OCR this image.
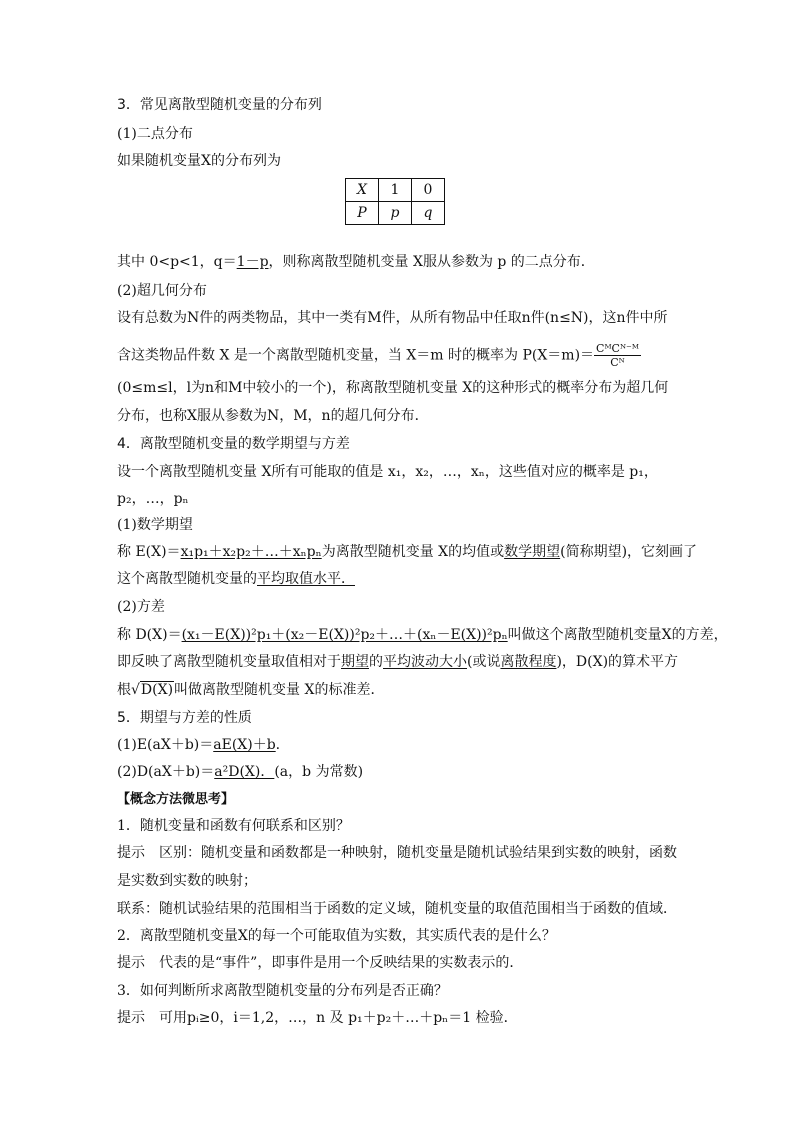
3．常见离散型随机变量的分布列
(1)二点分布
如果随机变量X的分布列为
X	1	0
P	p	q
其中 0<p<1，q＝1－p，则称离散型随机变量 X服从参数为 p 的二点分布．
(2)超几何分布
设有总数为N件的两类物品，其中一类有M件，从所有物品中任取n件(n≤N)，这n件中所
含这类物品件数 X 是一个离散型随机变量，当 X＝m 时的概率为 $P(X=m)= \frac{\text{CᴹCᴺ⁻ᴹ}}{\text{Cᴺ}}$
(0≤m≤l，l为n和M中较小的一个)，称离散型随机变量 X的这种形式的概率分布为超几何
分布，也称X服从参数为N，M，n的超几何分布．
4．离散型随机变量的数学期望与方差
设一个离散型随机变量 X所有可能取的值是 x₁，x₂，…，xₙ，这些值对应的概率是 p₁，
p₂，…，pₙ
(1)数学期望
称 E(X)＝x₁p₁＋x₂p₂＋…＋xₙpₙ为离散型随机变量 X的均值或数学期望(简称期望)，它刻画了
这个离散型随机变量的平均取值水平．
(2)方差
称 D(X)＝(x₁－E(X))²p₁＋(x₂－E(X))²p₂＋…＋(xₙ－E(X))²pₙ叫做这个离散型随机变量X的方差，
即反映了离散型随机变量取值相对于期望的平均波动大小(或说离散程度)，D(X)的算术平方
根√D(X)叫做离散型随机变量 X的标准差．
5．期望与方差的性质
(1)E(aX＋b)＝aE(X)＋b.
(2)D(aX＋b)＝a²D(X)．(a，b 为常数)
【概念方法微思考】
1．随机变量和函数有何联系和区别？
提示　区别：随机变量和函数都是一种映射，随机变量是随机试验结果到实数的映射，函数
是实数到实数的映射；
联系：随机试验结果的范围相当于函数的定义域，随机变量的取值范围相当于函数的值域．
2．离散型随机变量X的每一个可能取值为实数，其实质代表的是什么？
提示　代表的是“事件”，即事件是用一个反映结果的实数表示的．
3．如何判断所求离散型随机变量的分布列是否正确？
提示　可用pᵢ≥0，i＝1,2，…，n 及 p₁＋p₂＋…＋pₙ＝1 检验．
